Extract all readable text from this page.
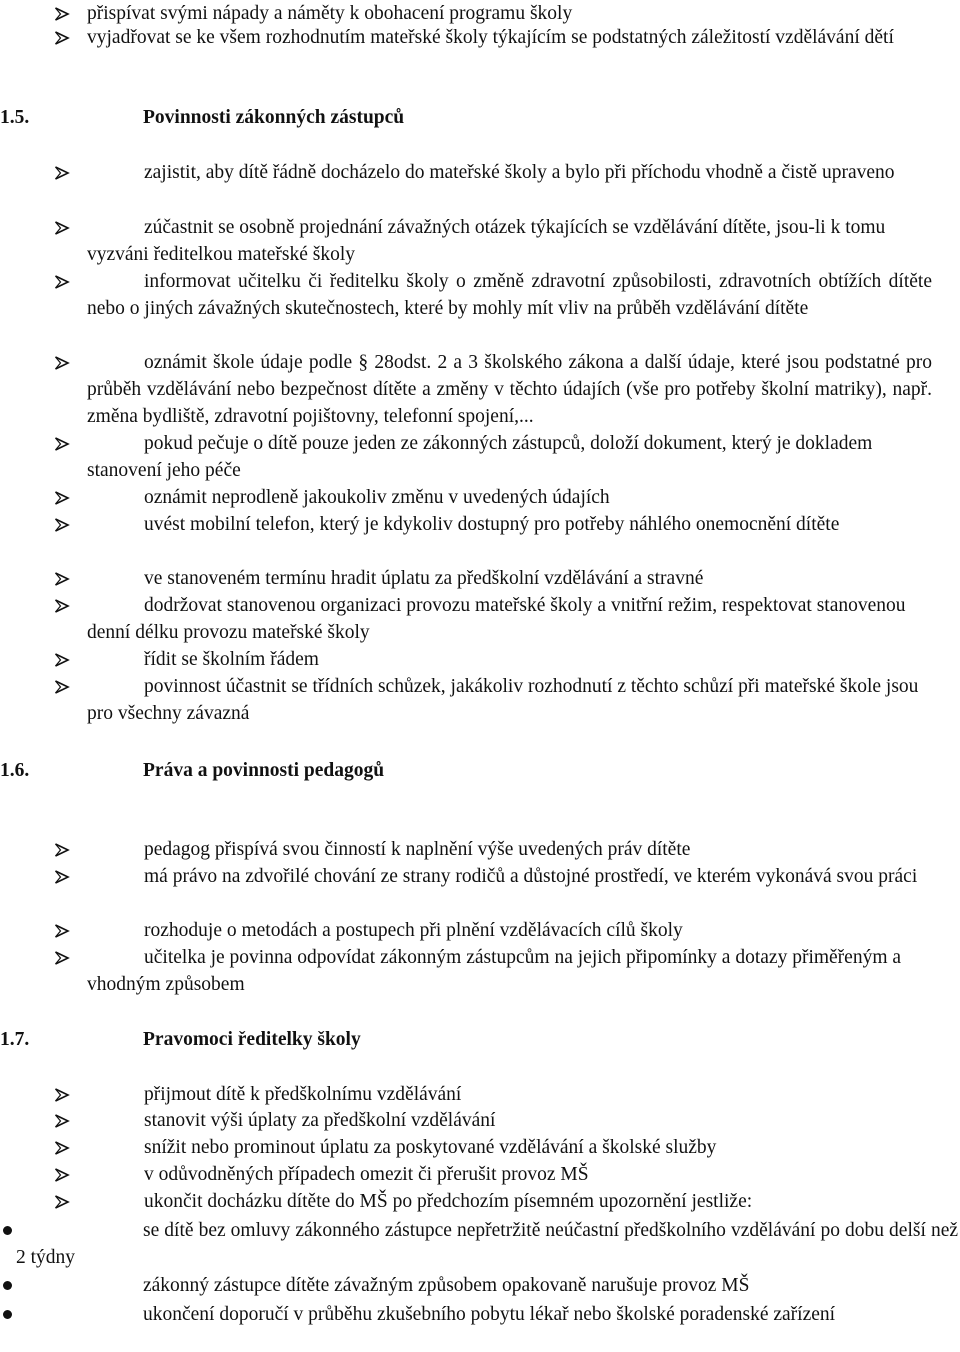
přispívat svými nápady a náměty k obohacení programu školy
vyjadřovat se ke všem rozhodnutím mateřské školy týkajícím se podstatných záležitostí vzdělávání dětí
1.5.	Povinnosti zákonných zástupců
zajistit, aby dítě řádně docházelo do mateřské školy a bylo při příchodu vhodně a čistě upraveno
zúčastnit se osobně projednání závažných otázek týkajících se vzdělávání dítěte, jsou-li k tomu vyzváni ředitelkou mateřské školy
informovat učitelku či ředitelku školy o změně zdravotní způsobilosti, zdravotních obtížích dítěte nebo o jiných závažných skutečnostech, které by mohly mít vliv na průběh vzdělávání dítěte
oznámit škole údaje podle § 28odst. 2 a 3 školského zákona a další údaje, které jsou podstatné pro průběh vzdělávání nebo bezpečnost dítěte a změny v těchto údajích (vše pro potřeby školní matriky), např. změna bydliště, zdravotní pojištovny, telefonní spojení,...
pokud pečuje o dítě pouze jeden ze zákonných zástupců, doloží dokument, který je dokladem stanovení jeho péče
oznámit neprodleně jakoukoliv změnu v uvedených údajích
uvést mobilní telefon, který je kdykoliv dostupný pro potřeby náhlého onemocnění dítěte
ve stanoveném termínu hradit úplatu za předškolní vzdělávání a stravné
dodržovat stanovenou organizaci provozu mateřské školy a vnitřní režim, respektovat stanovenou denní délku provozu mateřské školy
řídit se školním řádem
povinnost účastnit se třídních schůzek, jakákoliv rozhodnutí z těchto schůzí při mateřské škole jsou pro všechny závazná
1.6.	Práva a povinnosti pedagogů
pedagog přispívá svou činností k naplnění výše uvedených práv dítěte
má právo na zdvořilé chování ze strany rodičů a důstojné prostředí, ve kterém vykonává svou práci
rozhoduje o metodách a postupech při plnění vzdělávacích cílů školy
učitelka je povinna odpovídat zákonným zástupcům na jejich připomínky a dotazy přiměřeným a vhodným způsobem
1.7.	Pravomoci ředitelky školy
přijmout dítě k předškolnímu vzdělávání
stanovit výši úplaty za předškolní vzdělávání
snížit nebo prominout úplatu za poskytované vzdělávání a školské služby
v odůvodněných případech omezit či přerušit provoz MŠ
ukončit docházku dítěte do MŠ po předchozím písemném upozornění jestliže:
se dítě bez omluvy zákonného zástupce nepřetržitě neúčastní předškolního vzdělávání po dobu delší než 2 týdny
zákonný zástupce dítěte závažným způsobem opakovaně narušuje provoz MŠ
ukončení doporučí v průběhu zkušebního pobytu lékař nebo školské poradenské zařízení
